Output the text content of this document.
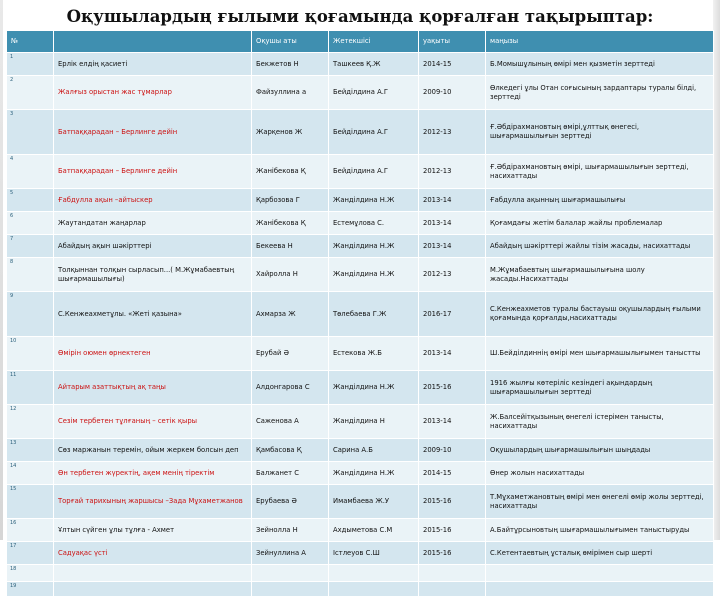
Оқушылардың ғылыми қоғамында қорғалған тақырыптар:
№		Оқушы аты	Жетекшісі	уақыты	маңызы
1	Ерлік елдің қасиеті	Бекжетов Н	Ташкеев Қ.Ж	2014-15	Б.Момышұлының өмірі мен қызметін зерттеді
2	Жалғыз орыстан жас тұмарлар	Файзуллина а	Бейділдина А.Г	2009-10	Өлкедегі ұлы Отан соғысының зардаптары туралы білді, зерттеді
3	Батпаққарадан – Берлинге дейін	Жарқенов Ж	Бейділдина А.Г	2012-13	Ғ.Әбдірахмановтың өмірі,ұлттық өнегесі, шығармашылығын зерттеді
4	Батпаққарадан – Берлинге дейін	Жанібекова Қ	Бейділдина А.Г	2012-13	Ғ.Әбдірахмановтың өмірі, шығармашылығын зерттеді, насихаттады
5	Ғабдулла ақын –айтыскер	Қарбозова Г	Жанділдина Н.Ж	2013-14	Ғабдулла ақынның шығармашылығы
6	Жаутандатан жаңарлар	Жанібекова Қ	Естемұлова С.	2013-14	Қоғамдағы жетім балалар жайлы проблемалар
7	Абайдың ақын шәкірттері	Бекеева Н	Жанділдина Н.Ж	2013-14	Абайдың шәкірттері жайлы тізім жасады, насихаттады
8	Толқыннан толқын сырласып...( М.Жұмабаевтың шығармашылығы)	Хайролла Н	Жанділдина Н.Ж	2012-13	М.Жұмабаевтың шығармашылығына шолу жасады.Насихаттады
9	С.Кенжеахметұлы. «Жеті қазына»	Ахмарза Ж	Төлебаева Г.Ж	2016-17	С.Кенжеахметов туралы бастауыш оқушылардың ғылыми қоғамында қорғалды,насихаттады
10	Өмірін оюмен өрнектеген	Ерубай Ә	Естекова Ж.Б	2013-14	Ш.Бейділдиннің өмірі мен шығармашылығымен таныстты
11	Айтарым азаттықтың ақ таңы	Алдонгарова С	Жанділдина Н.Ж	2015-16	1916 жылғы көтеріліс кезіндегі ақындардың шығармашылығын зерттеді
12	Сезім тербетен тұлғаның – сетік қыры	Саженова А	Жанділдина Н	2013-14	Ж.Балсейітқызының өнегелі істерімен танысты, насихаттады
13	Сөз маржанын теремін, ойым жеркем болсын деп	Қамбасова Қ	Сарина А.Б	2009-10	Оқушылардың шығармашылығын шыңдады
14	Өн тербетен жүректің, ақем менің тіректім	Балжанет С	Жанділдина Н.Ж	2014-15	Өнер жолын насихаттады
15	Торғай тарихының жаршысы –Зада Мұхаметжанов	Ерубаева Ә	Имамбаева Ж.У	2015-16	Т.Мұхаметжановтың өмірі мен өнегелі өмір жолы зерттеді, насихаттады
16	Ұлтын сүйген ұлы тұлға - Ахмет	Зейнолла Н	Ахдыметова С.М	2015-16	А.Байтұрсыновтың шығармашылығымен таныстыруды
17	Садуақас үсті	Зейнуллина А	Істлеуов С.Ш	2015-16	С.Кетентаевтың ұсталық өмірімен сыр шерті
18					
19					
